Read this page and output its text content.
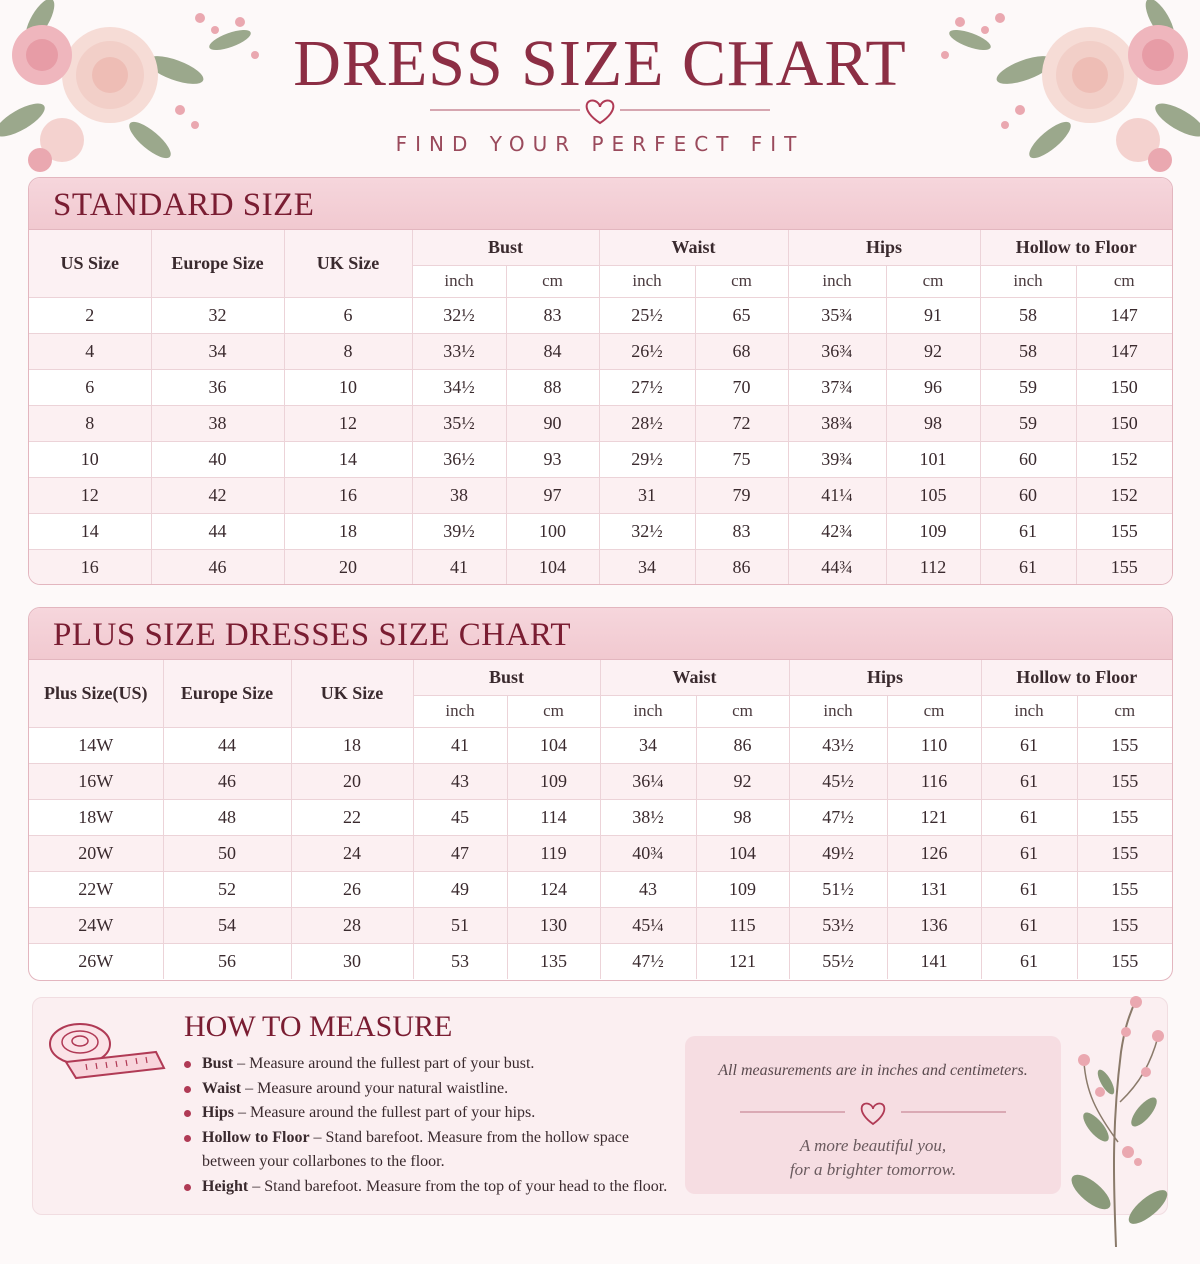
DRESS SIZE CHART
FIND YOUR PERFECT FIT
STANDARD SIZE
US Size	Europe Size	UK Size	Bust		Waist		Hips		Hollow to Floor	
			inch	cm	inch	cm	inch	cm	inch	cm
2	32	6	32½	83	25½	65	35¾	91	58	147
4	34	8	33½	84	26½	68	36¾	92	58	147
6	36	10	34½	88	27½	70	37¾	96	59	150
8	38	12	35½	90	28½	72	38¾	98	59	150
10	40	14	36½	93	29½	75	39¾	101	60	152
12	42	16	38	97	31	79	41¼	105	60	152
14	44	18	39½	100	32½	83	42¾	109	61	155
16	46	20	41	104	34	86	44¾	112	61	155
PLUS SIZE DRESSES SIZE CHART
Plus Size(US)	Europe Size	UK Size	Bust		Waist		Hips		Hollow to Floor	
			inch	cm	inch	cm	inch	cm	inch	cm
14W	44	18	41	104	34	86	43½	110	61	155
16W	46	20	43	109	36¼	92	45½	116	61	155
18W	48	22	45	114	38½	98	47½	121	61	155
20W	50	24	47	119	40¾	104	49½	126	61	155
22W	52	26	49	124	43	109	51½	131	61	155
24W	54	28	51	130	45¼	115	53½	136	61	155
26W	56	30	53	135	47½	121	55½	141	61	155
HOW TO MEASURE
Bust – Measure around the fullest part of your bust.
Waist – Measure around your natural waistline.
Hips – Measure around the fullest part of your hips.
Hollow to Floor – Stand barefoot. Measure from the hollow space between your collarbones to the floor.
Height – Stand barefoot. Measure from the top of your head to the floor.
All measurements are in inches and centimeters.
A more beautiful you,
for a brighter tomorrow.
